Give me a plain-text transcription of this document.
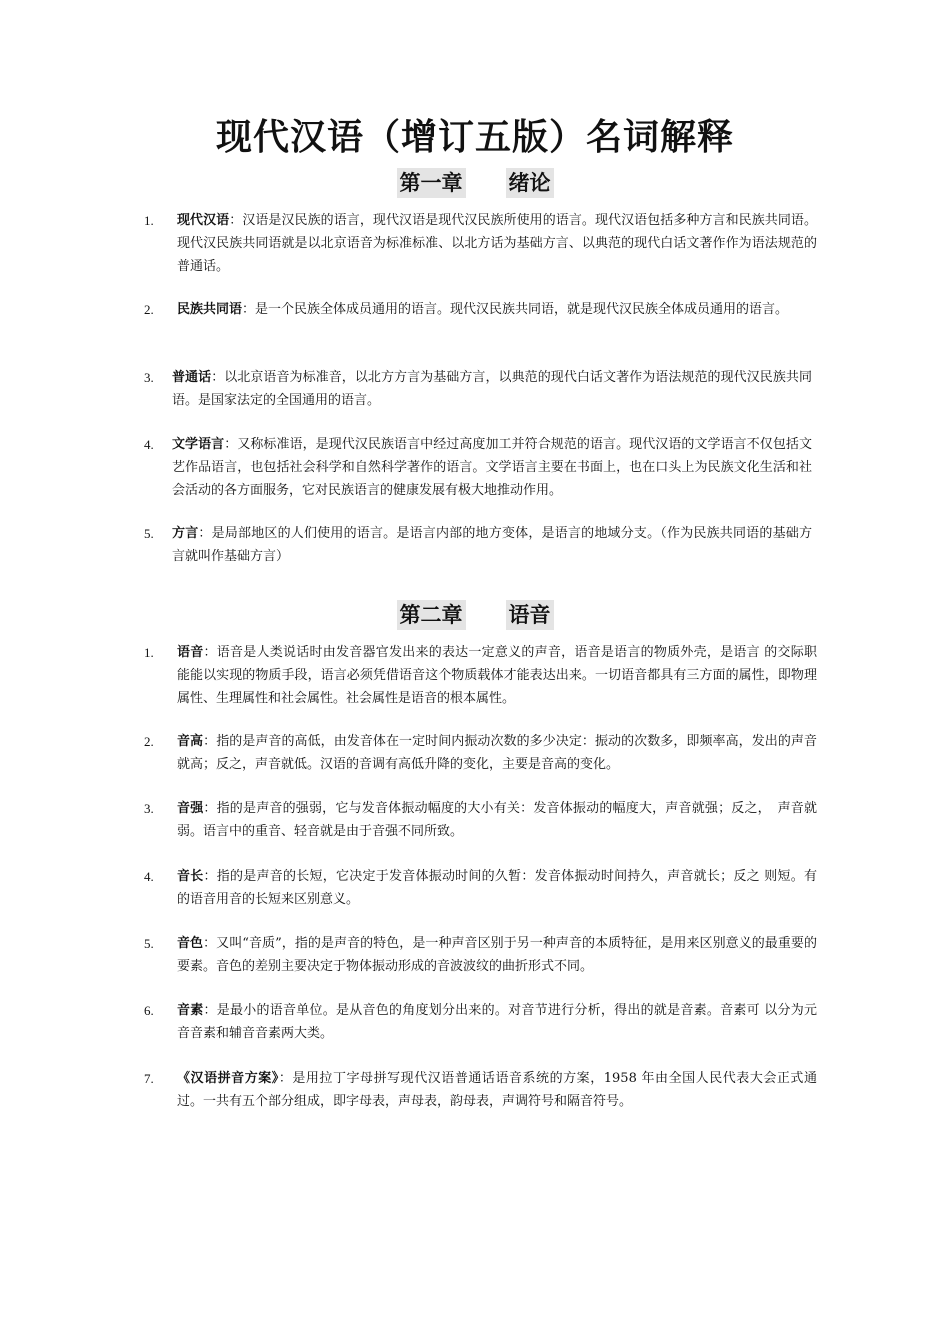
现代汉语（增订五版）名词解释
第一章 绪论
1. 现代汉语：汉语是汉民族的语言，现代汉语是现代汉民族所使用的语言。现代汉语包括多种方言和民族共同语。现代汉民族共同语就是以北京语音为标准标准、以北方话为基础方言、以典范的现代白话文著作作为语法规范的普通话。
2. 民族共同语：是一个民族全体成员通用的语言。现代汉民族共同语，就是现代汉民族全体成员通用的语言。
3. 普通话：以北京语音为标准音，以北方方言为基础方言，以典范的现代白话文著作为语法规范的现代汉民族共同语。是国家法定的全国通用的语言。
4. 文学语言：又称标准语，是现代汉民族语言中经过高度加工并符合规范的语言。现代汉语的文学语言不仅包括文艺作品语言，也包括社会科学和自然科学著作的语言。文学语言主要在书面上，也在口头上为民族文化生活和社会活动的各方面服务，它对民族语言的健康发展有极大地推动作用。
5. 方言：是局部地区的人们使用的语言。是语言内部的地方变体，是语言的地域分支。（作为民族共同语的基础方言就叫作基础方言）
第二章 语音
1. 语音：语音是人类说话时由发音器官发出来的表达一定意义的声音，语音是语言的物质外壳，是语言 的交际职能能以实现的物质手段，语言必须凭借语音这个物质载体才能表达出来。一切语音都具有三方面的属性，即物理属性、生理属性和社会属性。社会属性是语音的根本属性。
2. 音高：指的是声音的高低，由发音体在一定时间内振动次数的多少决定：振动的次数多，即频率高，发出的声音就高；反之，声音就低。汉语的音调有高低升降的变化，主要是音高的变化。
3. 音强：指的是声音的强弱，它与发音体振动幅度的大小有关：发音体振动的幅度大，声音就强；反之，　声音就弱。语言中的重音、轻音就是由于音强不同所致。
4. 音长：指的是声音的长短，它决定于发音体振动时间的久暂：发音体振动时间持久，声音就长；反之 则短。有的语音用音的长短来区别意义。
5. 音色：又叫“音质”，指的是声音的特色，是一种声音区别于另一种声音的本质特征，是用来区别意义的最重要的要素。音色的差别主要决定于物体振动形成的音波波纹的曲折形式不同。
6. 音素：是最小的语音单位。是从音色的角度划分出来的。对音节进行分析，得出的就是音素。音素可 以分为元音音素和辅音音素两大类。
7. 《汉语拼音方案》：是用拉丁字母拼写现代汉语普通话语音系统的方案，1958 年由全国人民代表大会正式通过。一共有五个部分组成，即字母表，声母表，韵母表，声调符号和隔音符号。
